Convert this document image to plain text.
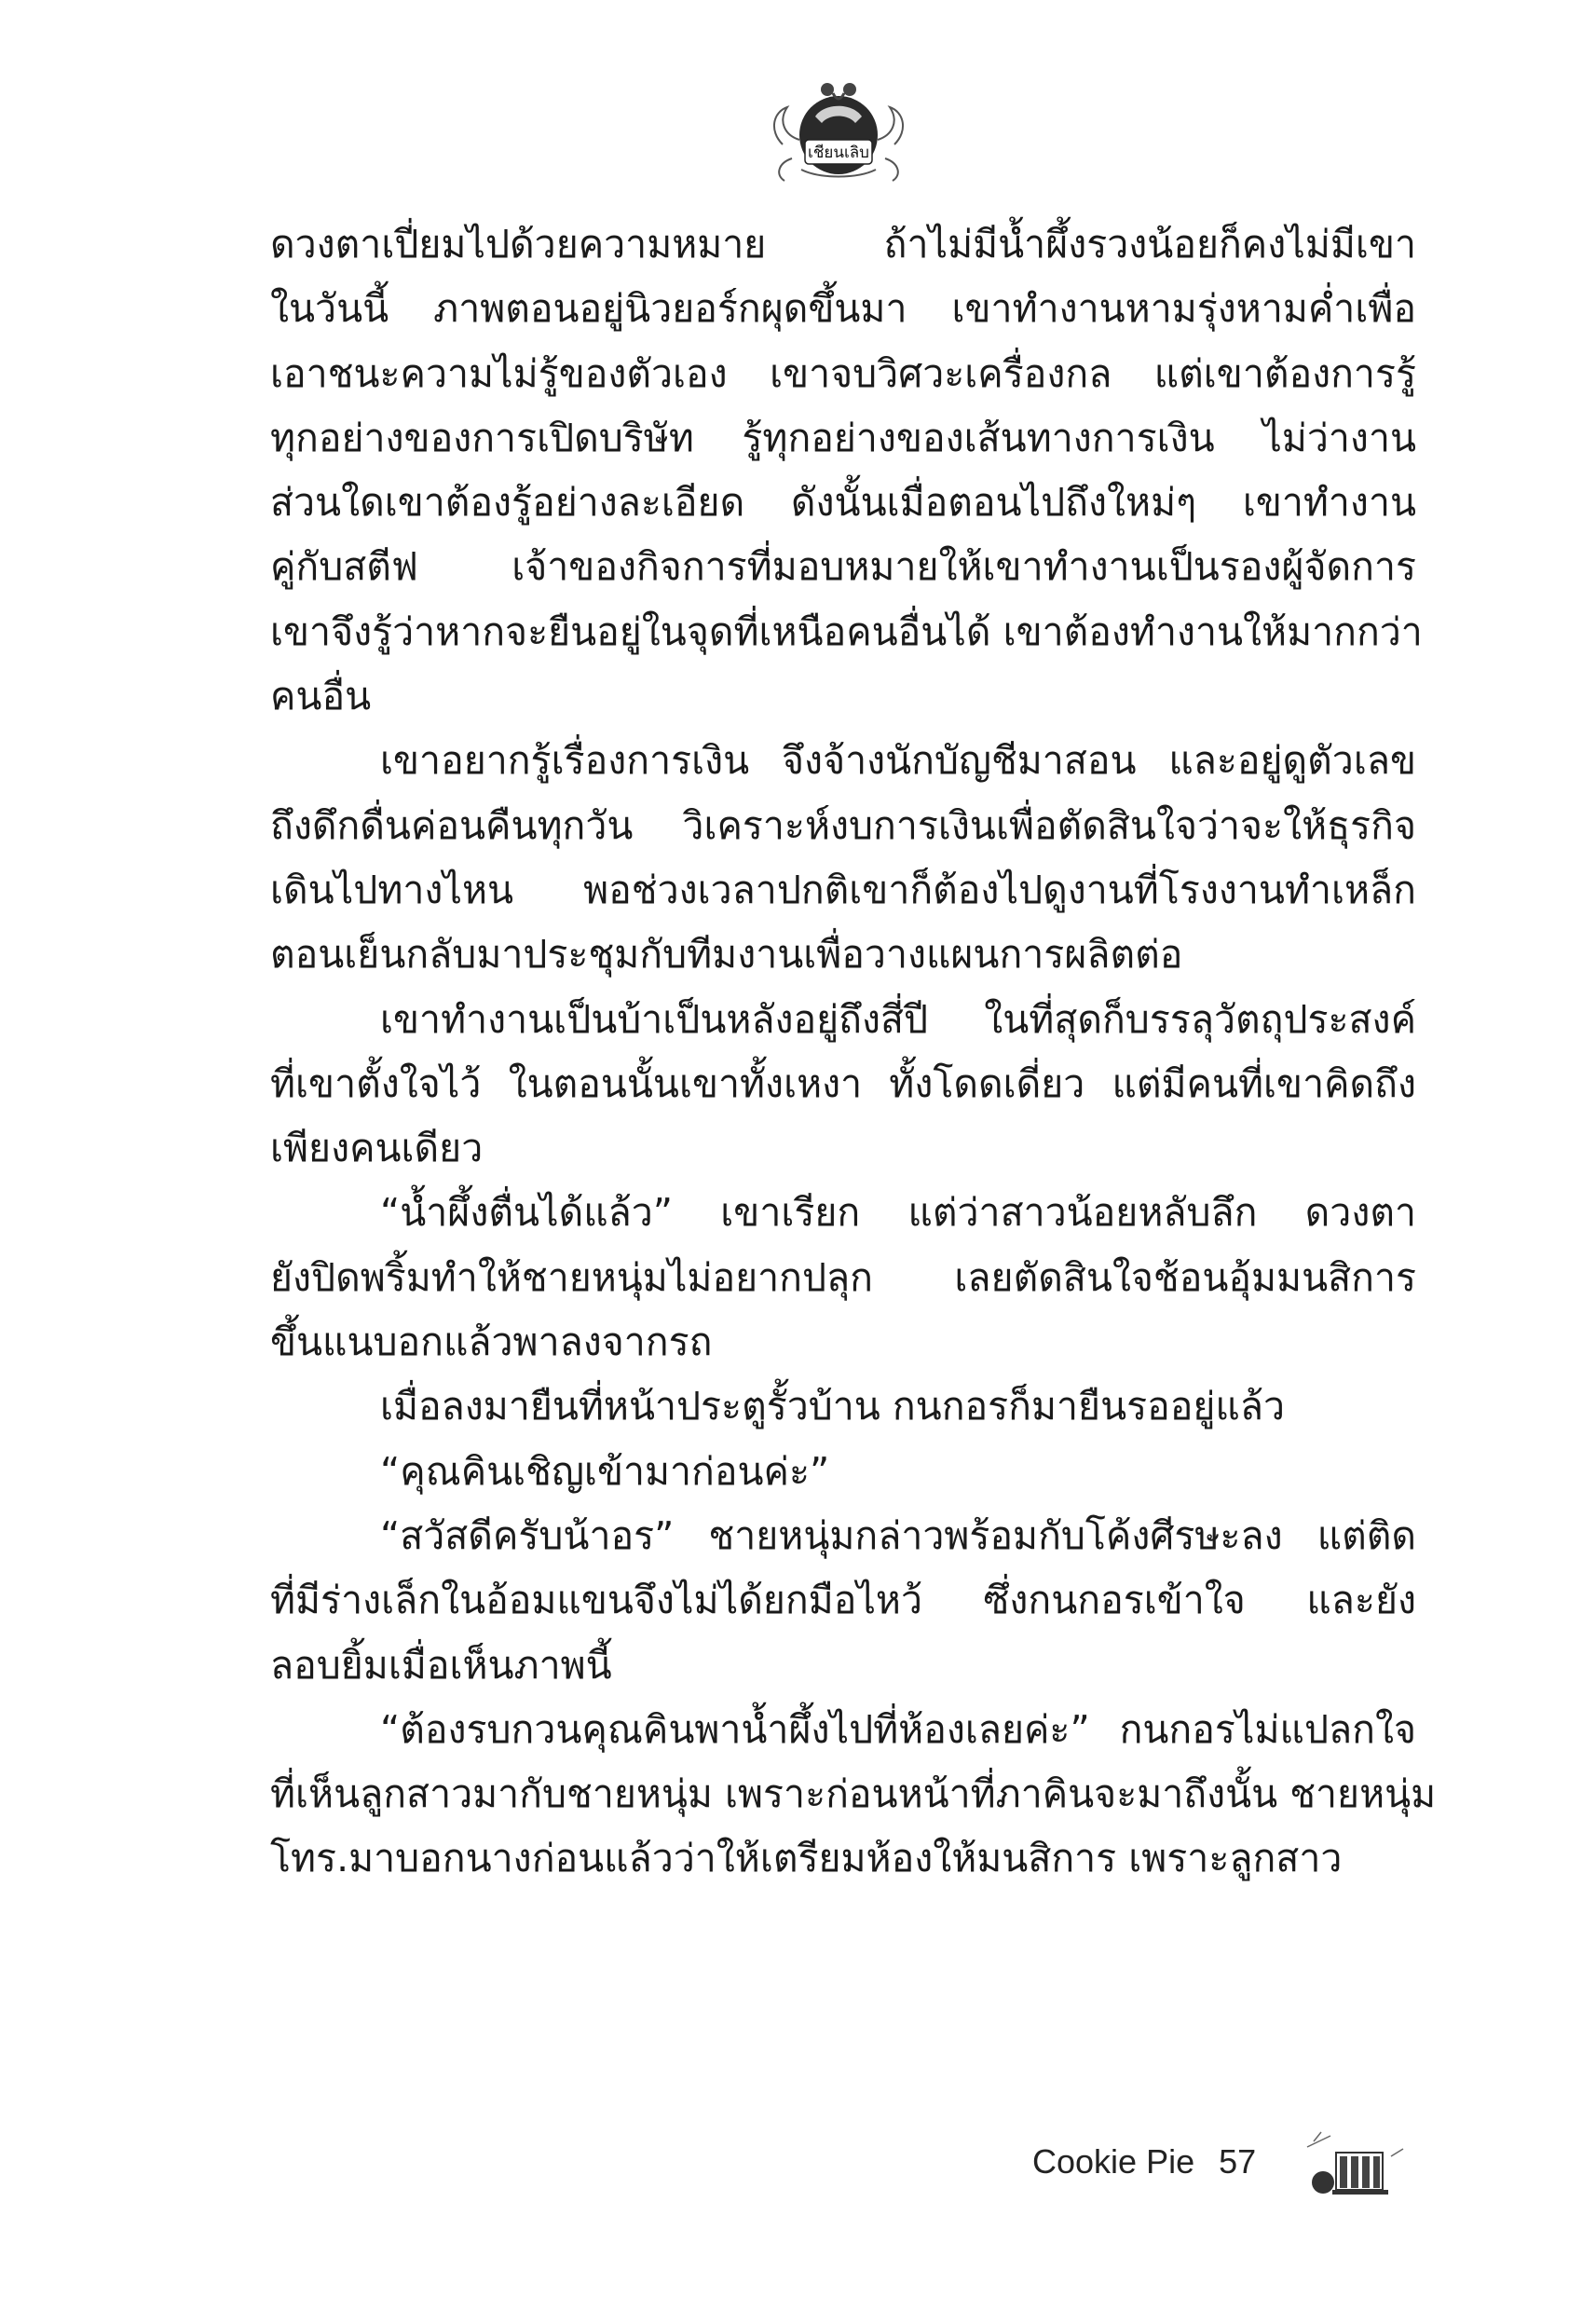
เชียนเลิบ

ดวงตาเปี่ยมไปด้วยความหมาย ถ้าไม่มีน้ำผึ้งรวงน้อยก็คงไม่มีเขา
ในวันนี้ ภาพตอนอยู่นิวยอร์กผุดขึ้นมา เขาทำงานหามรุ่งหามค่ำเพื่อ
เอาชนะความไม่รู้ของตัวเอง เขาจบวิศวะเครื่องกล แต่เขาต้องการรู้
ทุกอย่างของการเปิดบริษัท รู้ทุกอย่างของเส้นทางการเงิน ไม่ว่างาน
ส่วนใดเขาต้องรู้อย่างละเอียด ดังนั้นเมื่อตอนไปถึงใหม่ๆ เขาทำงาน
คู่กับสตีฟ เจ้าของกิจการที่มอบหมายให้เขาทำงานเป็นรองผู้จัดการ
เขาจึงรู้ว่าหากจะยืนอยู่ในจุดที่เหนือคนอื่นได้ เขาต้องทำงานให้มากกว่า
คนอื่น

เขาอยากรู้เรื่องการเงิน จึงจ้างนักบัญชีมาสอน และอยู่ดูตัวเลข
ถึงดึกดื่นค่อนคืนทุกวัน วิเคราะห์งบการเงินเพื่อตัดสินใจว่าจะให้ธุรกิจ
เดินไปทางไหน พอช่วงเวลาปกติเขาก็ต้องไปดูงานที่โรงงานทำเหล็ก
ตอนเย็นกลับมาประชุมกับทีมงานเพื่อวางแผนการผลิตต่อ

เขาทำงานเป็นบ้าเป็นหลังอยู่ถึงสี่ปี ในที่สุดก็บรรลุวัตถุประสงค์
ที่เขาตั้งใจไว้ ในตอนนั้นเขาทั้งเหงา ทั้งโดดเดี่ยว แต่มีคนที่เขาคิดถึง
เพียงคนเดียว

“น้ำผึ้งตื่นได้แล้ว” เขาเรียก แต่ว่าสาวน้อยหลับลึก ดวงตา
ยังปิดพริ้มทำให้ชายหนุ่มไม่อยากปลุก เลยตัดสินใจช้อนอุ้มมนสิการ
ขึ้นแนบอกแล้วพาลงจากรถ

เมื่อลงมายืนที่หน้าประตูรั้วบ้าน กนกอรก็มายืนรออยู่แล้ว

“คุณคินเชิญเข้ามาก่อนค่ะ”

“สวัสดีครับน้าอร” ชายหนุ่มกล่าวพร้อมกับโค้งศีรษะลง แต่ติด
ที่มีร่างเล็กในอ้อมแขนจึงไม่ได้ยกมือไหว้ ซึ่งกนกอรเข้าใจ และยัง
ลอบยิ้มเมื่อเห็นภาพนี้

“ต้องรบกวนคุณคินพาน้ำผึ้งไปที่ห้องเลยค่ะ” กนกอรไม่แปลกใจ
ที่เห็นลูกสาวมากับชายหนุ่ม เพราะก่อนหน้าที่ภาคินจะมาถึงนั้น ชายหนุ่ม
โทร.มาบอกนางก่อนแล้วว่าให้เตรียมห้องให้มนสิการ เพราะลูกสาว

Cookie Pie 57
